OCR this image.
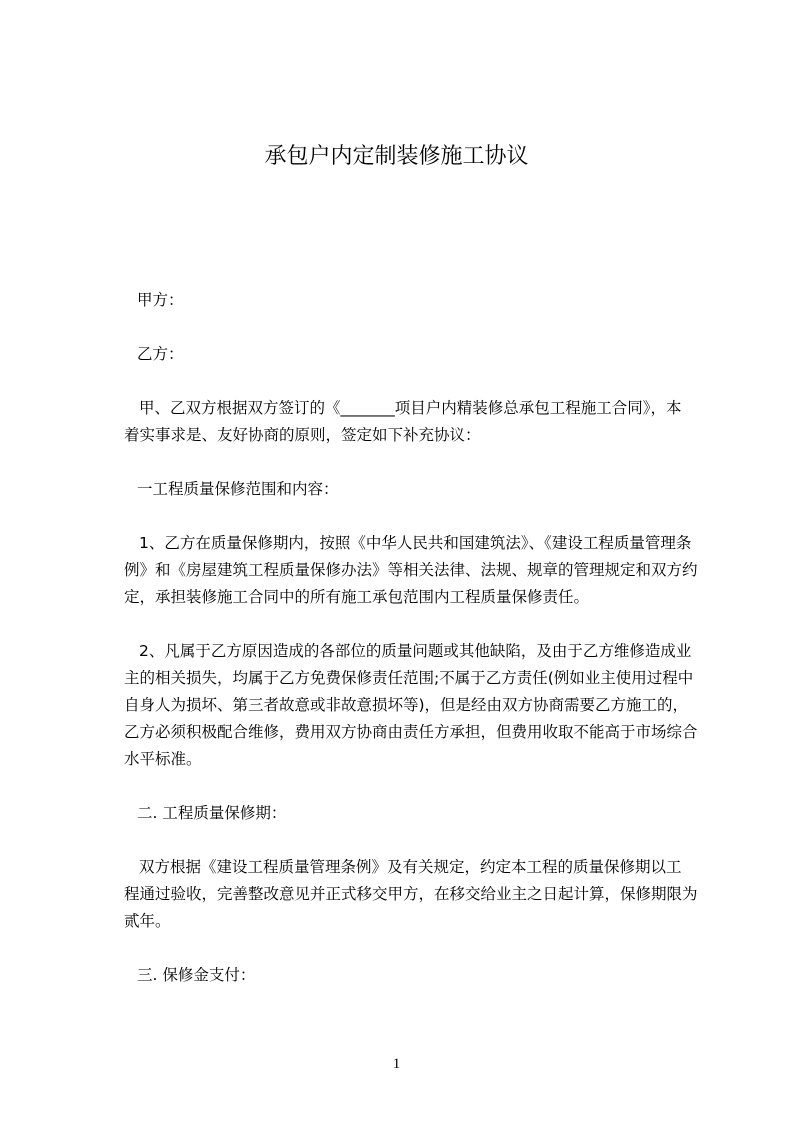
承包户内定制装修施工协议
甲方：
乙方：
甲、乙双方根据双方签订的《_______项目户内精装修总承包工程施工合同》，本
着实事求是、友好协商的原则，签定如下补充协议：
一工程质量保修范围和内容：
1、乙方在质量保修期内，按照《中华人民共和国建筑法》、《建设工程质量管理条
例》和《房屋建筑工程质量保修办法》等相关法律、法规、规章的管理规定和双方约
定，承担装修施工合同中的所有施工承包范围内工程质量保修责任。
2、凡属于乙方原因造成的各部位的质量问题或其他缺陷，及由于乙方维修造成业
主的相关损失，均属于乙方免费保修责任范围;不属于乙方责任(例如业主使用过程中
自身人为损坏、第三者故意或非故意损坏等)，但是经由双方协商需要乙方施工的，
乙方必须积极配合维修，费用双方协商由责任方承担，但费用收取不能高于市场综合
水平标准。
二. 工程质量保修期：
双方根据《建设工程质量管理条例》及有关规定，约定本工程的质量保修期以工
程通过验收，完善整改意见并正式移交甲方，在移交给业主之日起计算，保修期限为
贰年。
三. 保修金支付：
1
